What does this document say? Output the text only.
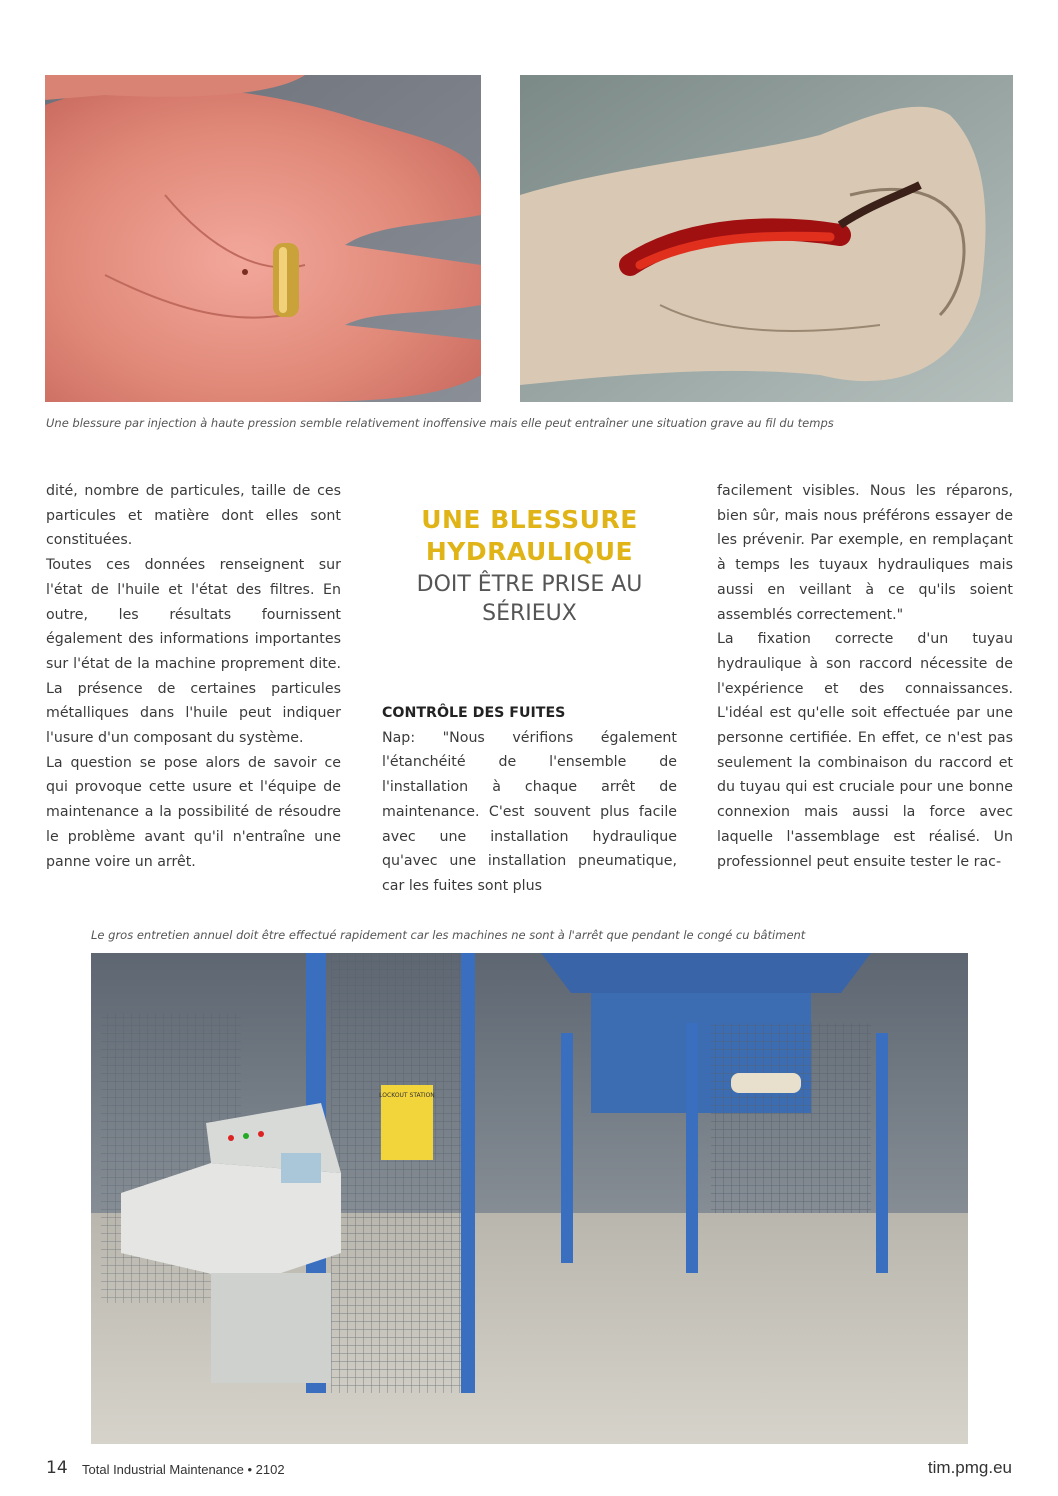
Une blessure par injection à haute pression semble relativement inoffensive mais elle peut entraîner une situation grave au fil du temps

dité, nombre de particules, taille de ces particules et matière dont elles sont constituées.

Toutes ces données renseignent sur l'état de l'huile et l'état des filtres. En outre, les résultats fournissent également des informations importantes sur l'état de la machine proprement dite. La présence de certaines particules métalliques dans l'huile peut indiquer l'usure d'un composant du système.

La question se pose alors de savoir ce qui provoque cette usure et l'équipe de maintenance a la possibilité de résoudre le problème avant qu'il n'entraîne une panne voire un arrêt.

UNE BLESSURE
HYDRAULIQUE
DOIT ÊTRE PRISE AU SÉRIEUX

CONTRÔLE DES FUITES

Nap: "Nous vérifions également l'étanchéité de l'ensemble de l'installation à chaque arrêt de maintenance. C'est souvent plus facile avec une installation hydraulique qu'avec une installation pneumatique, car les fuites sont plus

facilement visibles. Nous les réparons, bien sûr, mais nous préférons essayer de les prévenir. Par exemple, en remplaçant à temps les tuyaux hydrauliques mais aussi en veillant à ce qu'ils soient assemblés correctement."

La fixation correcte d'un tuyau hydraulique à son raccord nécessite de l'expérience et des connaissances. L'idéal est qu'elle soit effectuée par une personne certifiée. En effet, ce n'est pas seulement la combinaison du raccord et du tuyau qui est cruciale pour une bonne connexion mais aussi la force avec laquelle l'assemblage est réalisé. Un professionnel peut ensuite tester le rac-

Le gros entretien annuel doit être effectué rapidement car les machines ne sont à l'arrêt que pendant le congé cu bâtiment
LOCKOUT STATION
14 Total Industrial Maintenance • 2102	tim.pmg.eu
